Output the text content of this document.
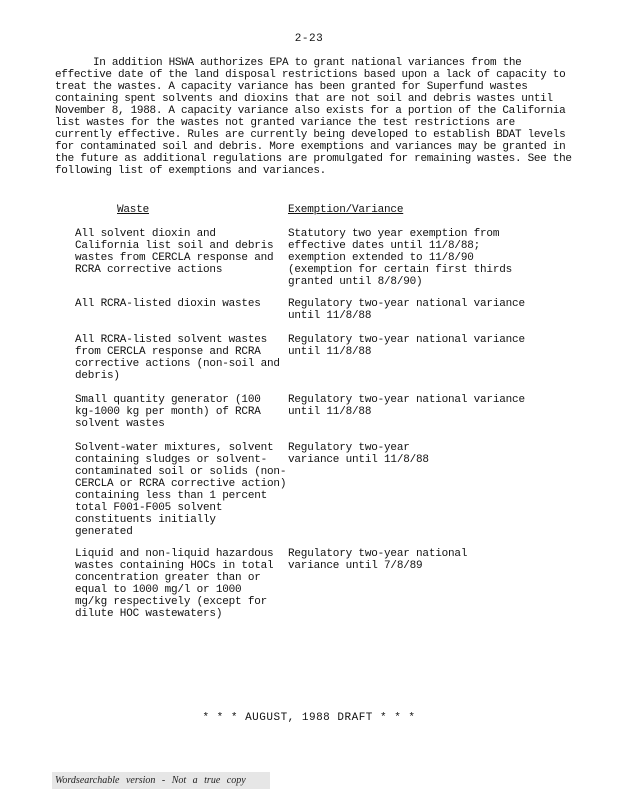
2-23
In addition HSWA authorizes EPA to grant national variances from the
effective date of the land disposal restrictions based upon a lack of capacity to
treat the wastes. A capacity variance has been granted for Superfund wastes
containing spent solvents and dioxins that are not soil and debris wastes until
November 8, 1988. A capacity variance also exists for a portion of the California
list wastes for the wastes not granted variance the test restrictions are
currently effective. Rules are currently being developed to establish BDAT levels
for contaminated soil and debris. More exemptions and variances may be granted in
the future as additional regulations are promulgated for remaining wastes. See the
following list of exemptions and variances.
Waste	Exemption/Variance
All solvent dioxin and
California list soil and debris
wastes from CERCLA response and
RCRA corrective actions
Statutory two year exemption from
effective dates until 11/8/88;
exemption extended to 11/8/90
(exemption for certain first thirds
granted until 8/8/90)
All RCRA-listed dioxin wastes	Regulatory two-year national variance
until 11/8/88
All RCRA-listed solvent wastes
from CERCLA response and RCRA
corrective actions (non-soil and
debris)
Regulatory two-year national variance
until 11/8/88
Small quantity generator (100
kg-1000 kg per month) of RCRA
solvent wastes
Regulatory two-year national variance
until 11/8/88
Solvent-water mixtures, solvent
containing sludges or solvent-
contaminated soil or solids (non-
CERCLA or RCRA corrective action)
containing less than 1 percent
total F001-F005 solvent
constituents initially
generated
Regulatory two-year
variance until 11/8/88
Liquid and non-liquid hazardous
wastes containing HOCs in total
concentration greater than or
equal to 1000 mg/l or 1000
mg/kg respectively (except for
dilute HOC wastewaters)
Regulatory two-year national
variance until 7/8/89
* * * AUGUST, 1988 DRAFT * * *
Wordsearchable version - Not a true copy
